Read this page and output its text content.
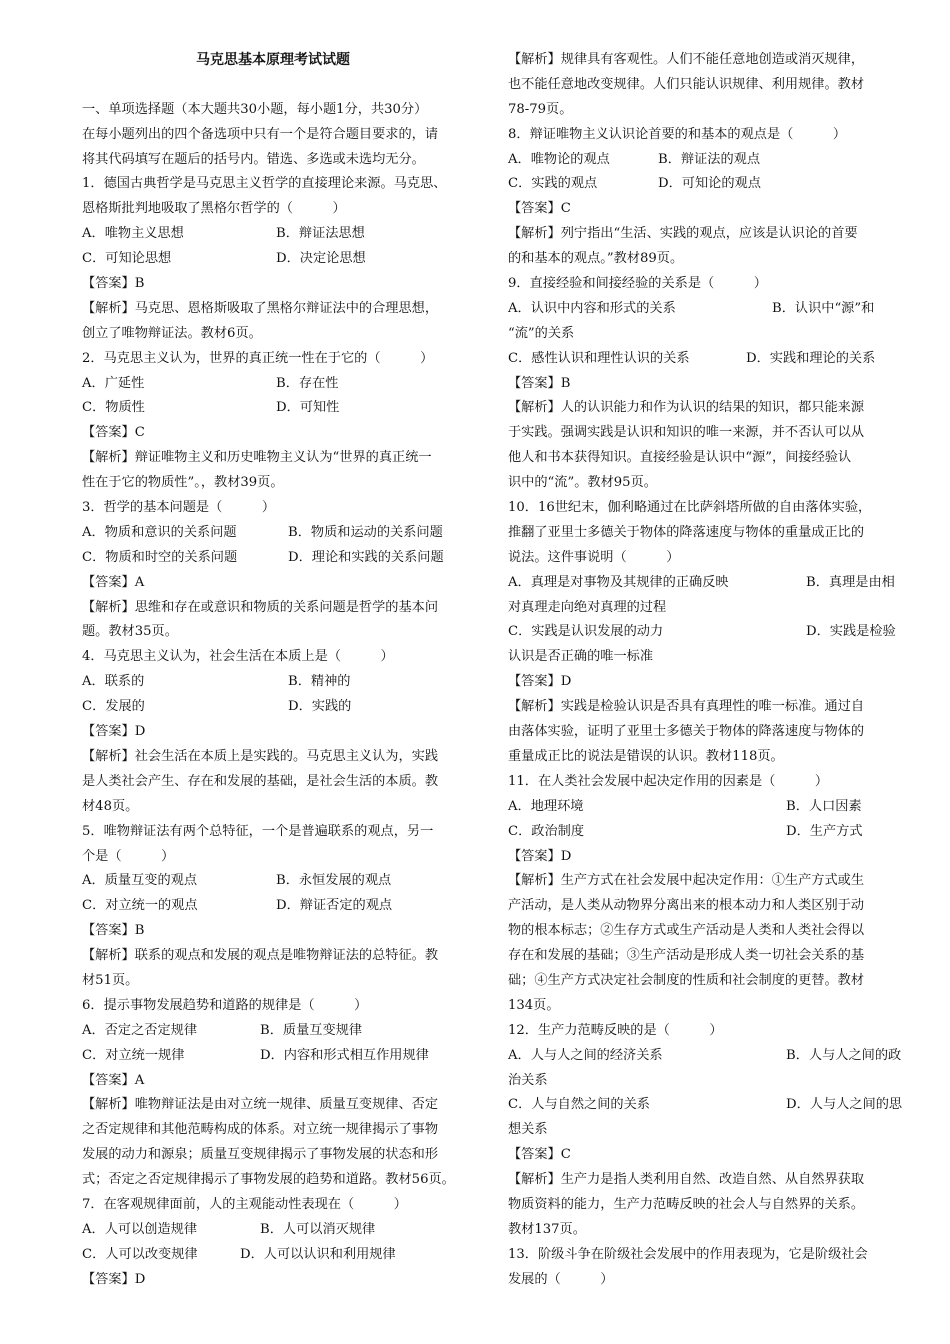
马克思基本原理考试试题
一、单项选择题（本大题共30小题，每小题1分，共30分）
在每小题列出的四个备选项中只有一个是符合题目要求的，请
将其代码填写在题后的括号内。错选、多选或未选均无分。
1．德国古典哲学是马克思主义哲学的直接理论来源。马克思、
恩格斯批判地吸取了黑格尔哲学的（　　　）
A．唯物主义思想	B．辩证法思想
C．可知论思想	D．决定论思想
【答案】B
【解析】马克思、恩格斯吸取了黑格尔辩证法中的合理思想，
创立了唯物辩证法。教材6页。
2．马克思主义认为，世界的真正统一性在于它的（　　　）
A．广延性	B．存在性
C．物质性	D．可知性
【答案】C
【解析】辩证唯物主义和历史唯物主义认为“世界的真正统一
性在于它的物质性”。，教材39页。
3．哲学的基本问题是（　　　）
A．物质和意识的关系问题	B．物质和运动的关系问题
C．物质和时空的关系问题	D．理论和实践的关系问题
【答案】A
【解析】思维和存在或意识和物质的关系问题是哲学的基本问
题。教材35页。
4．马克思主义认为，社会生活在本质上是（　　　）
A．联系的	B．精神的
C．发展的	D．实践的
【答案】D
【解析】社会生活在本质上是实践的。马克思主义认为，实践
是人类社会产生、存在和发展的基础，是社会生活的本质。教
材48页。
5．唯物辩证法有两个总特征，一个是普遍联系的观点，另一
个是（　　　）
A．质量互变的观点	B．永恒发展的观点
C．对立统一的观点	D．辩证否定的观点
【答案】B
【解析】联系的观点和发展的观点是唯物辩证法的总特征。教
材51页。
6．提示事物发展趋势和道路的规律是（　　　）
A．否定之否定规律	B．质量互变规律
C．对立统一规律	D．内容和形式相互作用规律
【答案】A
【解析】唯物辩证法是由对立统一规律、质量互变规律、否定
之否定规律和其他范畴构成的体系。对立统一规律揭示了事物
发展的动力和源泉；质量互变规律揭示了事物发展的状态和形
式；否定之否定规律揭示了事物发展的趋势和道路。教材56页。
7．在客观规律面前，人的主观能动性表现在（　　　）
A．人可以创造规律	B．人可以消灭规律
C．人可以改变规律	D．人可以认识和利用规律
【答案】D
【解析】规律具有客观性。人们不能任意地创造或消灭规律，
也不能任意地改变规律。人们只能认识规律、利用规律。教材
78-79页。
8．辩证唯物主义认识论首要的和基本的观点是（　　　）
A．唯物论的观点	B．辩证法的观点
C．实践的观点	D．可知论的观点
【答案】C
【解析】列宁指出“生活、实践的观点，应该是认识论的首要
的和基本的观点。”教材89页。
9．直接经验和间接经验的关系是（　　　）
A．认识中内容和形式的关系	B．认识中“源”和
“流”的关系
C．感性认识和理性认识的关系	D．实践和理论的关系
【答案】B
【解析】人的认识能力和作为认识的结果的知识，都只能来源
于实践。强调实践是认识和知识的唯一来源，并不否认可以从
他人和书本获得知识。直接经验是认识中“源”，间接经验认
识中的“流”。教材95页。
10．16世纪末，伽利略通过在比萨斜塔所做的自由落体实验，
推翻了亚里士多德关于物体的降落速度与物体的重量成正比的
说法。这件事说明（　　　）
A．真理是对事物及其规律的正确反映	B．真理是由相
对真理走向绝对真理的过程
C．实践是认识发展的动力	D．实践是检验
认识是否正确的唯一标准
【答案】D
【解析】实践是检验认识是否具有真理性的唯一标准。通过自
由落体实验，证明了亚里士多德关于物体的降落速度与物体的
重量成正比的说法是错误的认识。教材118页。
11．在人类社会发展中起决定作用的因素是（　　　）
A．地理环境	B．人口因素
C．政治制度	D．生产方式
【答案】D
【解析】生产方式在社会发展中起决定作用：①生产方式或生
产活动，是人类从动物界分离出来的根本动力和人类区别于动
物的根本标志；②生存方式或生产活动是人类和人类社会得以
存在和发展的基础；③生产活动是形成人类一切社会关系的基
础；④生产方式决定社会制度的性质和社会制度的更替。教材
134页。
12．生产力范畴反映的是（　　　）
A．人与人之间的经济关系	B．人与人之间的政
治关系
C．人与自然之间的关系	D．人与人之间的思
想关系
【答案】C
【解析】生产力是指人类利用自然、改造自然、从自然界获取
物质资料的能力，生产力范畴反映的社会人与自然界的关系。
教材137页。
13．阶级斗争在阶级社会发展中的作用表现为，它是阶级社会
发展的（　　　）
